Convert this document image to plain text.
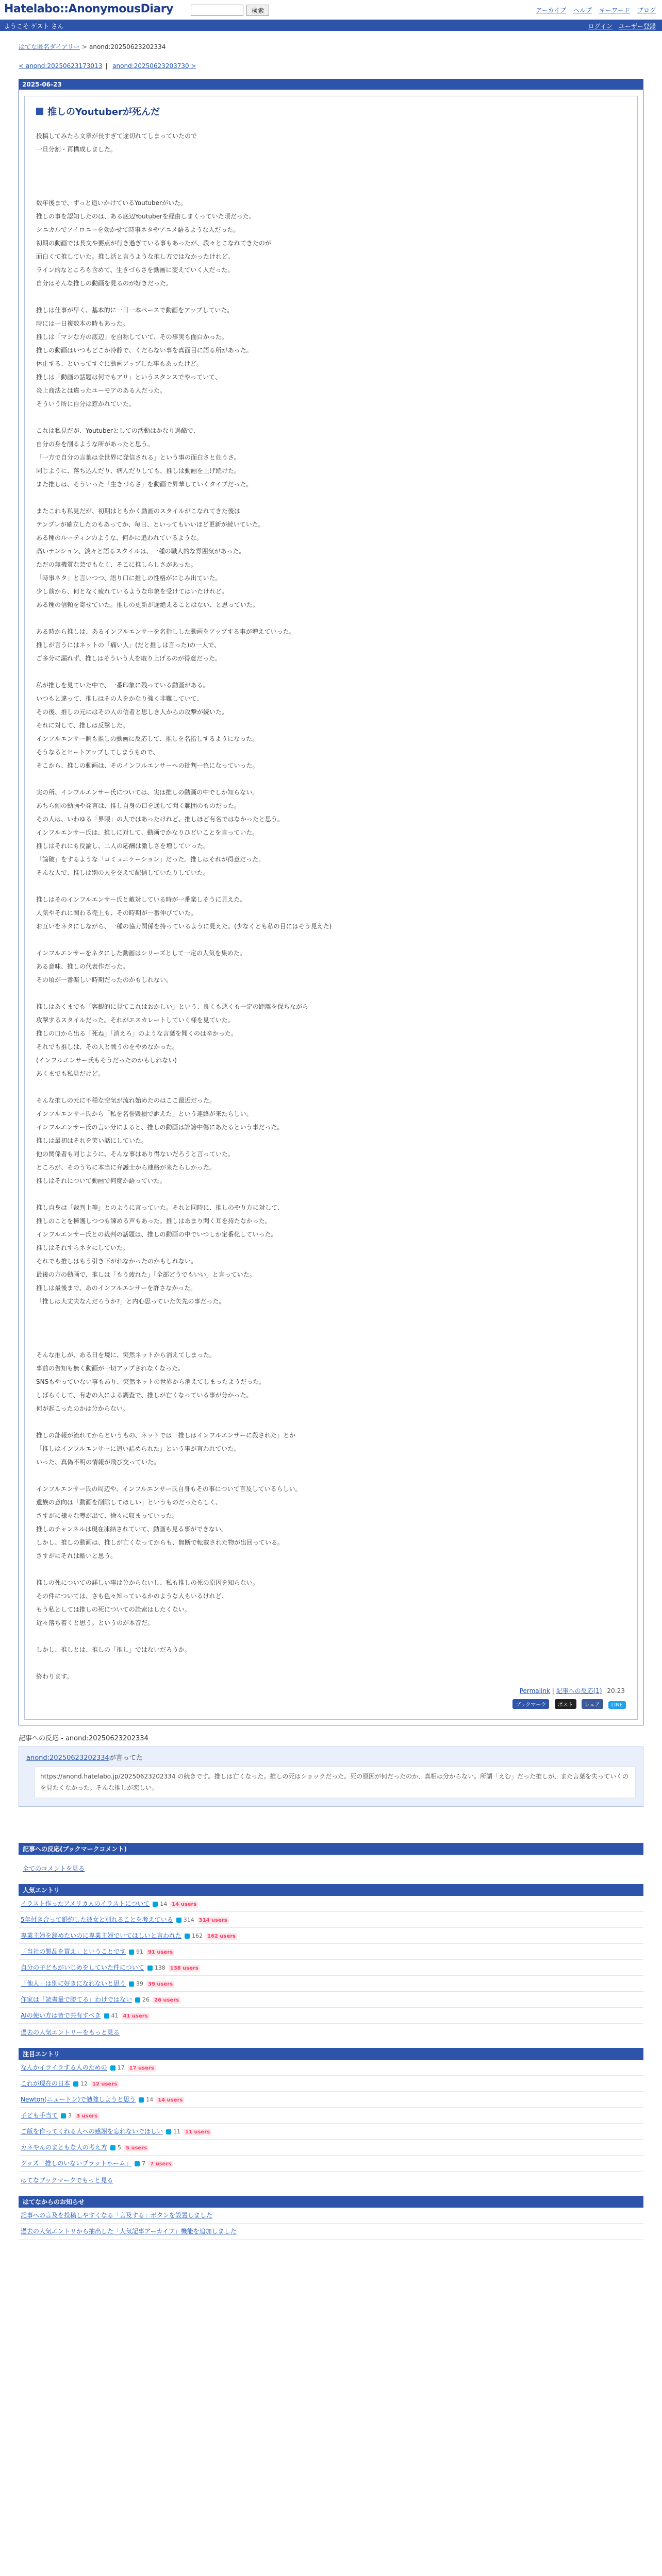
Hatelabo::AnonymousDiary	検索	アーカイブ ヘルプ キーワード ブログ
ようこそ ゲスト さん	ログイン ユーザー登録
はてな匿名ダイアリー > anond:20250623202334
< anond:20250623173013 | anond:20250623203730 >
2025-06-23
推しのYoutuberが死んだ
投稿してみたら文章が長すぎて途切れてしまっていたので
一旦分割・再構成しました。
数年後まで、ずっと追いかけているYoutuberがいた。
推しの事を認知したのは、ある底辺Youtuberを経由しまくっていた頃だった。
シニカルでアイロニーを効かせて時事ネタやアニメ語るような人だった。
初期の動画では長文や要点が行き過ぎている事もあったが、段々とこなれてきたのが
面白くて推していた。推し活と言うような推し方ではなかったけれど、
ライン的なところも含めて、生きづらさを動画に変えていく人だった。
自分はそんな推しの動画を見るのが好きだった。
推しは仕事が早く、基本的に一日一本ペースで動画をアップしていた。
時には一日複数本の時もあった。
推しは「マシな方の底辺」を自称していて、その事実も面白かった。
推しの動画はいつもどこか冷静で、くだらない事を真面目に語る所があった。
休止する、といってすぐに動画アップした事もあったけど。
推しは「動画の話題は何でもアリ」というスタンスでやっていて、
炎上商法とは違ったユーモアのある人だった。
そういう所に自分は惹かれていた。
これは私見だが、Youtuberとしての活動はかなり過酷で、
自分の身を削るような所があったと思う。
「一方で自分の言葉は全世界に発信される」という事の面白さと危うさ。
同じように、落ち込んだり、病んだりしても、推しは動画を上げ続けた。
また推しは、そういった「生きづらさ」を動画で昇華していくタイプだった。
またこれも私見だが、初期はともかく動画のスタイルがこなれてきた後は
テンプレが確立したのもあってか、毎日、といってもいいほど更新が続いていた。
ある種のルーティンのような、何かに追われているような。
高いテンション、淡々と語るスタイルは、一種の職人的な雰囲気があった。
ただの無機質な芸でもなく、そこに推しらしさがあった。
「時事ネタ」と言いつつ、語り口に推しの性格がにじみ出ていた。
少し前から、何となく疲れているような印象を受けてはいたけれど。
ある種の信頼を寄せていた。推しの更新が途絶えることはない、と思っていた。
ある時から推しは、あるインフルエンサーを名指しした動画をアップする事が増えていった。
推しが言うにはネットの「痛い人」(だと推しは言った)の一人で、
ご多分に漏れず、推しはそういう人を取り上げるのが得意だった。
私が推しを見ていた中で、一番印象に残っている動画がある。
いつもと違って、推しはその人をかなり強く非難していて、
その後、推しの元にはその人の信者と思しき人からの攻撃が続いた。
それに対して、推しは反撃した。
インフルエンサー側も推しの動画に反応して、推しを名指しするようになった。
そうなるとヒートアップしてしまうもので、
そこから、推しの動画は、そのインフルエンサーへの批判一色になっていった。
実の所、インフルエンサー氏については、実は推しの動画の中でしか知らない。
あちら側の動画や発言は、推し自身の口を通して聞く範囲のものだった。
その人は、いわゆる「界隈」の人ではあったけれど、推しほど有名ではなかったと思う。
インフルエンサー氏は、推しに対して、動画でかなりひどいことを言っていた。
推しはそれにも反論し、二人の応酬は激しさを増していった。
「論破」をするような「コミュニケーション」だった。推しはそれが得意だった。
そんな人で、推しは別の人を交えて配信していたりしていた。
推しはそのインフルエンサー氏と敵対している時が一番楽しそうに見えた。
人気やそれに関わる売上も、その時期が一番伸びていた。
お互いをネタにしながら、一種の協力関係を持っているように見えた。(少なくとも私の目にはそう見えた)
インフルエンサーをネタにした動画はシリーズとして一定の人気を集めた。
ある意味、推しの代表作だった。
その頃が一番楽しい時期だったのかもしれない。
推しはあくまでも「客観的に見てこれはおかしい」という、良くも悪くも一定の距離を保ちながら
攻撃するスタイルだった。それがエスカレートしていく様を見ていた。
推しの口から出る「死ね」「消えろ」のような言葉を聞くのは辛かった。
それでも推しは、その人と戦うのをやめなかった。
(インフルエンサー氏もそうだったのかもしれない)
あくまでも私見だけど。
そんな推しの元に不穏な空気が流れ始めたのはここ最近だった。
インフルエンサー氏から「私を名誉毀損で訴えた」という連絡が来たらしい。
インフルエンサー氏の言い分によると、推しの動画は誹謗中傷にあたるという事だった。
推しは最初はそれを笑い話にしていた。
他の関係者も同じように、そんな事はあり得ないだろうと言っていた。
ところが、そのうちに本当に弁護士から連絡が来たらしかった。
推しはそれについて動画で何度か語っていた。
推し自身は「裁判上等」とのように言っていた。それと同時に、推しのやり方に対して、
推しのことを擁護しつつも諫める声もあった。推しはあまり聞く耳を持たなかった。
インフルエンサー氏との裁判の話題は、推しの動画の中でいつしか定番化していった。
推しはそれすらネタにしていた。
それでも推しはもう引き下がれなかったのかもしれない。
最後の方の動画で、推しは「もう疲れた」「全部どうでもいい」と言っていた。
推しは最後まで、あのインフルエンサーを許さなかった。
「推しは大丈夫なんだろうか?」と内心思っていた矢先の事だった。
そんな推しが、ある日を境に、突然ネットから消えてしまった。
事前の告知も無く動画が一切アップされなくなった。
SNSもやっていない事もあり、突然ネットの世界から消えてしまったようだった。
しばらくして、有志の人による調査で、推しが亡くなっている事が分かった。
何が起こったのかは分からない。
推しの訃報が流れてからというもの、ネットでは「推しはインフルエンサーに殺された」とか
「推しはインフルエンサーに追い詰められた」という事が言われていた。
いった、真偽不明の情報が飛び交っていた。
インフルエンサー氏の周辺や、インフルエンサー氏自身もその事について言及しているらしい。
遺族の意向は「動画を削除してほしい」というものだったらしく、
さすがに様々な噂が出て、徐々に収まっていった。
推しのチャンネルは現在凍結されていて、動画も見る事ができない。
しかし、推しの動画は、推しが亡くなってからも、無断で転載された物が出回っている。
さすがにそれは酷いと思う。
推しの死についての詳しい事は分からないし、私も推しの死の原因を知らない。
その件については、さも色々知っているかのような人もいるけれど、
もう私としては推しの死についての詮索はしたくない。
近々落ち着くと思う。というのが本音だ。
しかし、推しとは、推しの「推し」ではないだろうか。
終わります。
Permalink | 記事への反応(1) 20:23
ブックマーク ポスト シェア LINE
記事への反応 - anond:20250623202334
anond:20250623202334が言ってた
https://anond.hatelabo.jp/20250623202334 の続きです。推しは亡くなった。推しの死はショックだった。死の原因が何だったのか、真相は分からない。所謂「えむ」だった推しが、また言葉を失っていくのを見たくなかった。そんな推しが恋しい。
記事への反応(ブックマークコメント)
全てのコメントを見る
人気エントリ
イラスト作ったアメリカ人のイラストについて 14 14 users
5年付き合って婚約した彼女と別れることを考えている 314 314 users
専業主婦を辞めたいのに専業主婦でいてほしいと言われた 162 162 users
「当社の製品を買え」ということです 91 91 users
自分の子どもがいじめをしていた件について 138 138 users
「他人」は別に好きになれないと思う 39 39 users
作家は「読書量で勝てる」わけではない 26 26 users
AIの使い方は皆で共有すべき 41 41 users
過去の人気エントリーをもっと見る
注目エントリ
なんかイライラする人のための 17 17 users
これが現在の日本 12 12 users
Newton(ニュートン)で勉強しようと思う 14 14 users
子ども手当て 3 3 users
ご飯を作ってくれる人への感謝を忘れないでほしい 11 11 users
カネやんのまともな人の考え方 5 5 users
グッズ「推しのいないプラットホーム」 7 7 users
はてなブックマークでもっと見る
はてなからのお知らせ
記事への言及を投稿しやすくなる「言及する」ボタンを設置しました
過去の人気エントリから抽出した「人気記事アーカイブ」機能を追加しました
